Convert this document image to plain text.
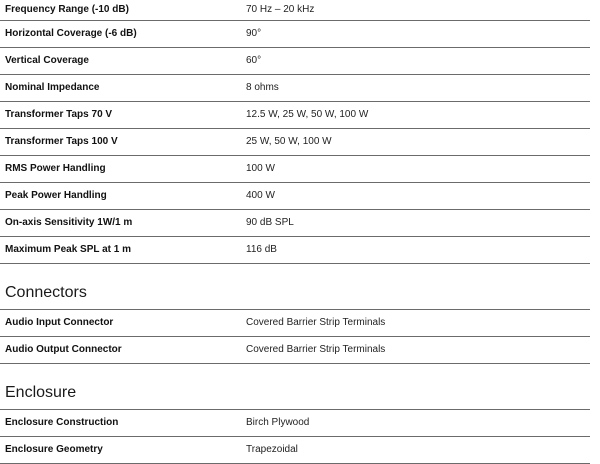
Frequency Range (-10 dB)	70 Hz – 20 kHz
Horizontal Coverage (-6 dB)	90°
Vertical Coverage	60°
Nominal Impedance	8 ohms
Transformer Taps 70 V	12.5 W, 25 W, 50 W, 100 W
Transformer Taps 100 V	25 W, 50 W, 100 W
RMS Power Handling	100 W
Peak Power Handling	400 W
On-axis Sensitivity 1W/1 m	90 dB SPL
Maximum Peak SPL at 1 m	116 dB
Connectors
Audio Input Connector	Covered Barrier Strip Terminals
Audio Output Connector	Covered Barrier Strip Terminals
Enclosure
Enclosure Construction	Birch Plywood
Enclosure Geometry	Trapezoidal
